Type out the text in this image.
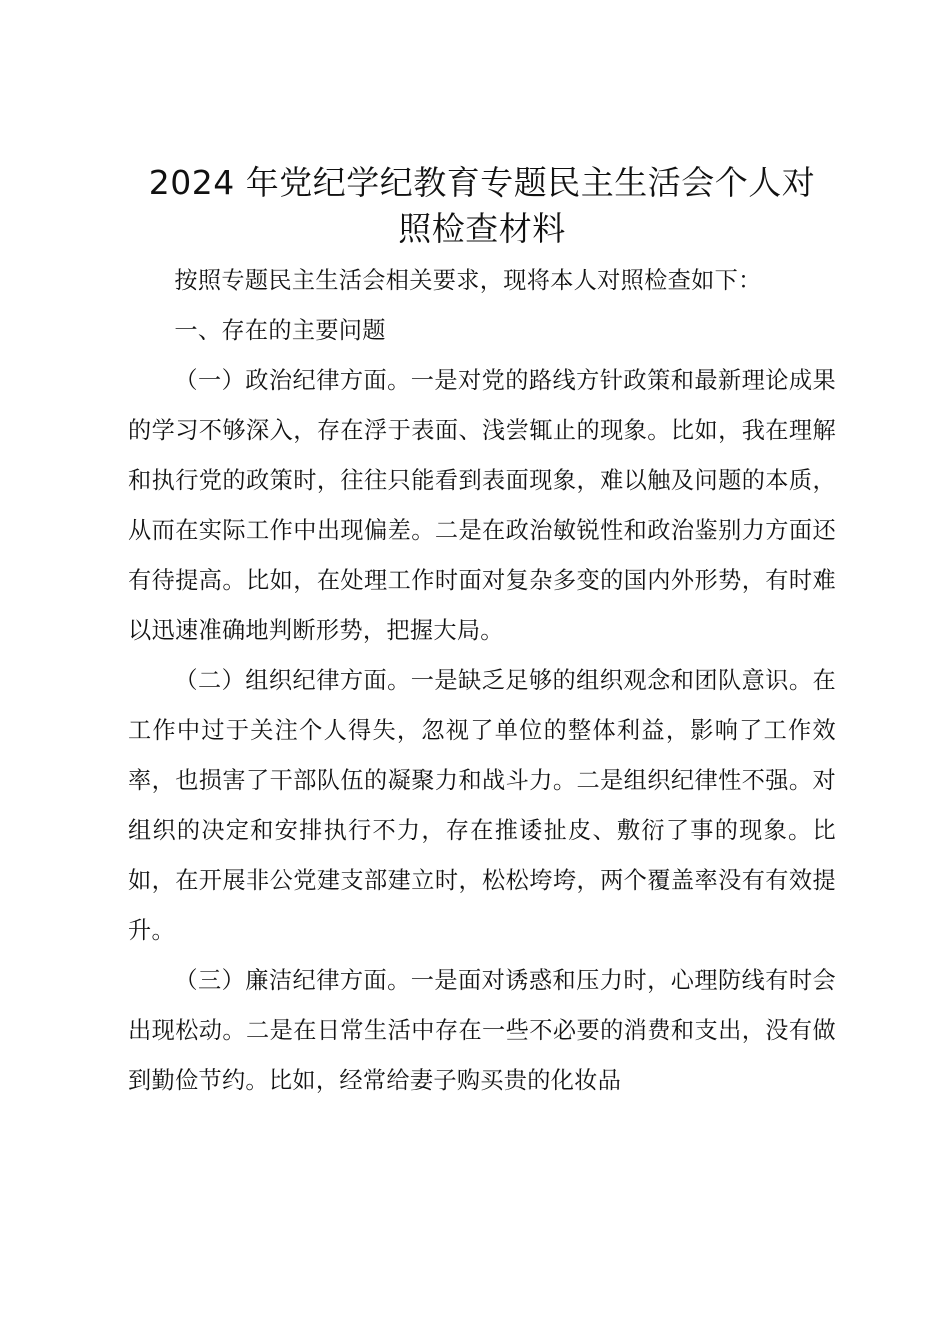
2024 年党纪学纪教育专题民主生活会个人对
照检查材料

按照专题民主生活会相关要求，现将本人对照检查如下：

一、存在的主要问题

（一）政治纪律方面。一是对党的路线方针政策和最新理论成果的学习不够深入，存在浮于表面、浅尝辄止的现象。比如，我在理解和执行党的政策时，往往只能看到表面现象，难以触及问题的本质，从而在实际工作中出现偏差。二是在政治敏锐性和政治鉴别力方面还有待提高。比如，在处理工作时面对复杂多变的国内外形势，有时难以迅速准确地判断形势，把握大局。

（二）组织纪律方面。一是缺乏足够的组织观念和团队意识。在工作中过于关注个人得失，忽视了单位的整体利益，影响了工作效率，也损害了干部队伍的凝聚力和战斗力。二是组织纪律性不强。对组织的决定和安排执行不力，存在推诿扯皮、敷衍了事的现象。比如，在开展非公党建支部建立时，松松垮垮，两个覆盖率没有有效提升。

（三）廉洁纪律方面。一是面对诱惑和压力时，心理防线有时会出现松动。二是在日常生活中存在一些不必要的消费和支出，没有做到勤俭节约。比如，经常给妻子购买贵的化妆品
